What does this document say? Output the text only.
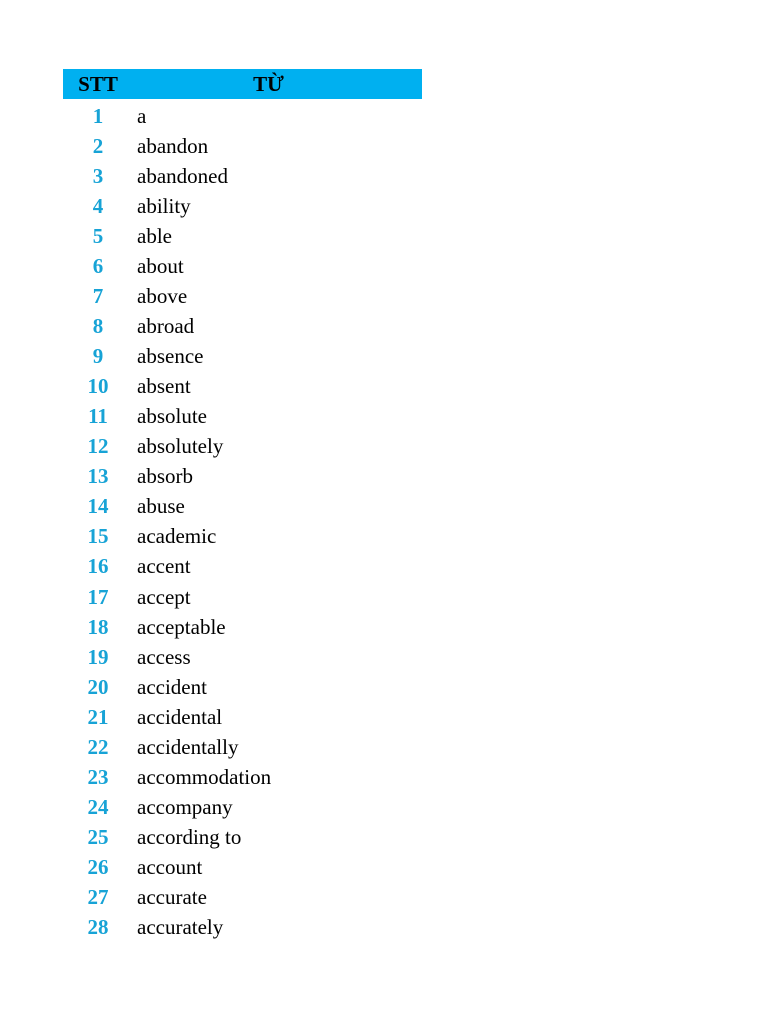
STT	TỪ
1	a
2	abandon
3	abandoned
4	ability
5	able
6	about
7	above
8	abroad
9	absence
10	absent
11	absolute
12	absolutely
13	absorb
14	abuse
15	academic
16	accent
17	accept
18	acceptable
19	access
20	accident
21	accidental
22	accidentally
23	accommodation
24	accompany
25	according to
26	account
27	accurate
28	accurately
